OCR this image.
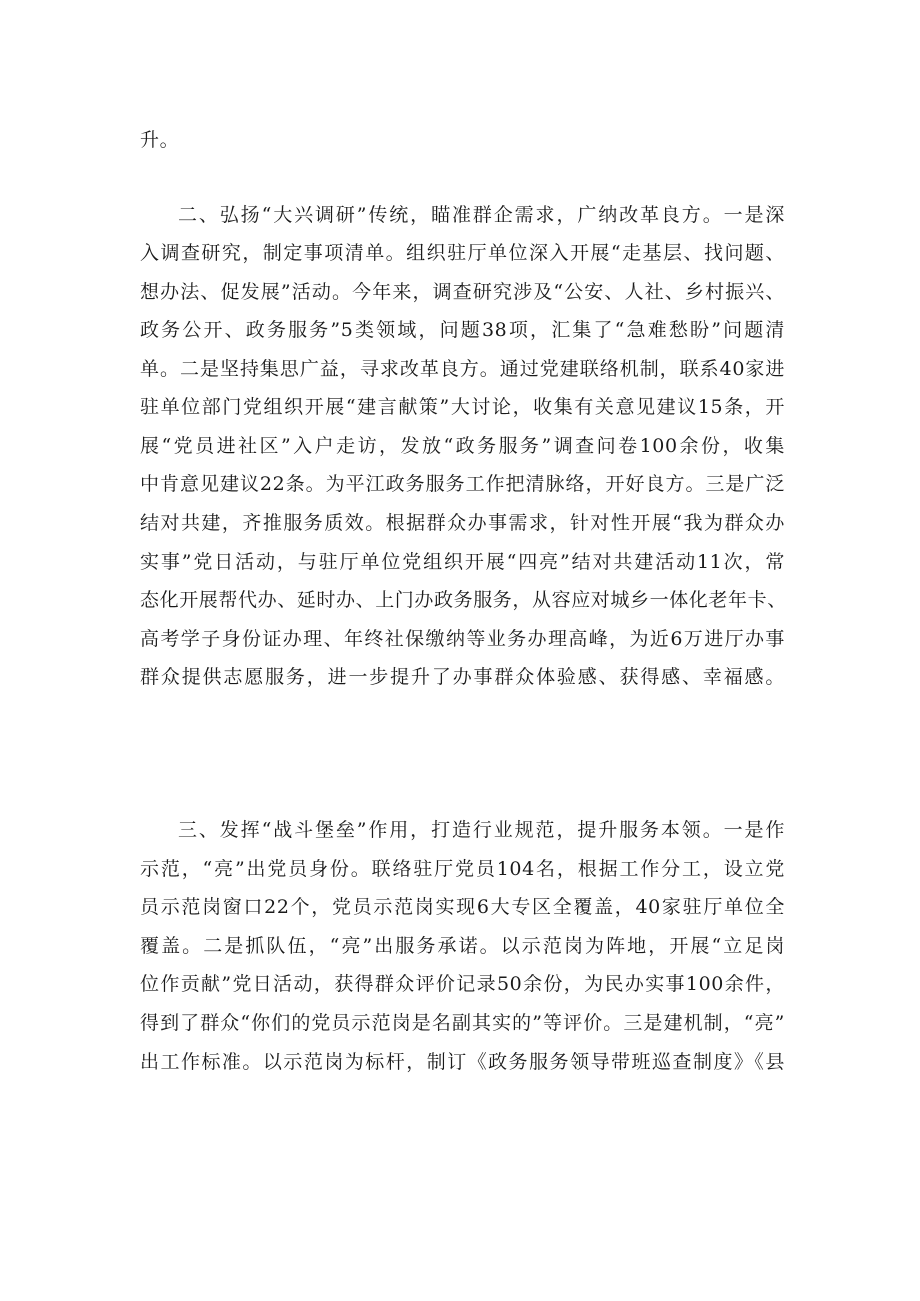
升。
二、弘扬“大兴调研”传统，瞄准群企需求，广纳改革良方。一是深
入调查研究，制定事项清单。组织驻厅单位深入开展“走基层、找问题、
想办法、促发展”活动。今年来，调查研究涉及“公安、人社、乡村振兴、
政务公开、政务服务”5类领域，问题38项，汇集了“急难愁盼”问题清
单。二是坚持集思广益，寻求改革良方。通过党建联络机制，联系40家进
驻单位部门党组织开展“建言献策”大讨论，收集有关意见建议15条，开
展“党员进社区”入户走访，发放“政务服务”调查问卷100余份，收集
中肯意见建议22条。为平江政务服务工作把清脉络，开好良方。三是广泛
结对共建，齐推服务质效。根据群众办事需求，针对性开展“我为群众办
实事”党日活动，与驻厅单位党组织开展“四亮”结对共建活动11次，常
态化开展帮代办、延时办、上门办政务服务，从容应对城乡一体化老年卡、
高考学子身份证办理、年终社保缴纳等业务办理高峰，为近6万进厅办事
群众提供志愿服务，进一步提升了办事群众体验感、获得感、幸福感。
三、发挥“战斗堡垒”作用，打造行业规范，提升服务本领。一是作
示范，“亮”出党员身份。联络驻厅党员104名，根据工作分工，设立党
员示范岗窗口22个，党员示范岗实现6大专区全覆盖，40家驻厅单位全
覆盖。二是抓队伍，“亮”出服务承诺。以示范岗为阵地，开展“立足岗
位作贡献”党日活动，获得群众评价记录50余份，为民办实事100余件，
得到了群众“你们的党员示范岗是名副其实的”等评价。三是建机制，“亮”
出工作标准。以示范岗为标杆，制订《政务服务领导带班巡查制度》《县
